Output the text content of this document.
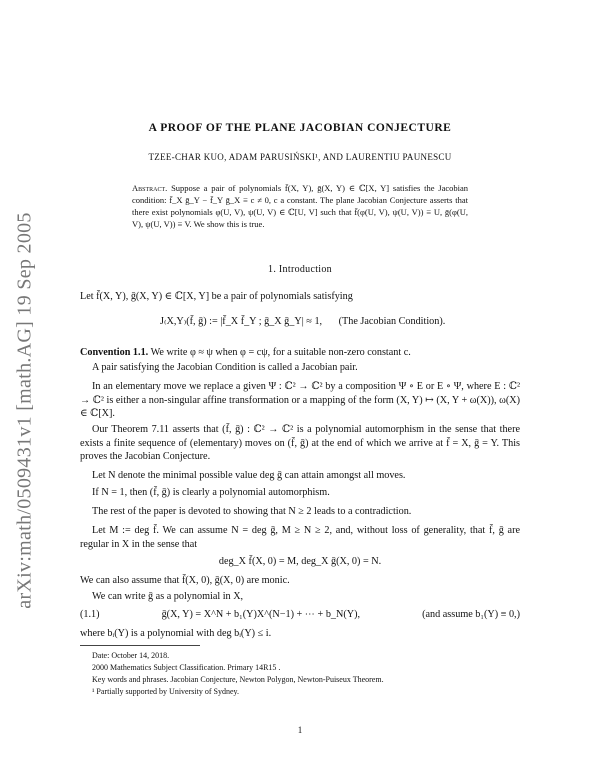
arXiv:math/0509431v1 [math.AG] 19 Sep 2005
A PROOF OF THE PLANE JACOBIAN CONJECTURE
TZEE-CHAR KUO, ADAM PARUSIŃSKI¹, AND LAURENTIU PAUNESCU
Abstract. Suppose a pair of polynomials f̄(X, Y), ḡ(X, Y) ∈ ℂ[X, Y] satisfies the Jacobian condition: f̄_X ḡ_Y − f̄_Y ḡ_X ≡ c ≠ 0, c a constant. The plane Jacobian Conjecture asserts that there exist polynomials φ(U, V), ψ(U, V) ∈ ℂ[U, V] such that f̄(φ(U, V), ψ(U, V)) ≡ U, ḡ(φ(U, V), ψ(U, V)) ≡ V. We show this is true.
1. Introduction
Let f̄(X, Y), ḡ(X, Y) ∈ ℂ[X, Y] be a pair of polynomials satisfying
J₍X,Y₎(f̄, ḡ) := |f̄_X f̄_Y ; ḡ_X ḡ_Y| ≈ 1, (The Jacobian Condition).
Convention 1.1. We write φ ≈ ψ when φ = cψ, for a suitable non-zero constant c.
A pair satisfying the Jacobian Condition is called a Jacobian pair.
In an elementary move we replace a given Ψ : ℂ² → ℂ² by a composition Ψ ∘ E or E ∘ Ψ, where E : ℂ² → ℂ² is either a non-singular affine transformation or a mapping of the form (X, Y) ↦ (X, Y + ω(X)), ω(X) ∈ ℂ[X].
Our Theorem 7.11 asserts that (f̄, ḡ) : ℂ² → ℂ² is a polynomial automorphism in the sense that there exists a finite sequence of (elementary) moves on (f̄, ḡ) at the end of which we arrive at f̄ = X, ḡ = Y. This proves the Jacobian Conjecture.
Let N denote the minimal possible value deg ḡ can attain amongst all moves.
If N = 1, then (f̄, ḡ) is clearly a polynomial automorphism.
The rest of the paper is devoted to showing that N ≥ 2 leads to a contradiction.
Let M := deg f̄. We can assume N = deg ḡ, M ≥ N ≥ 2, and, without loss of generality, that f̄, ḡ are regular in X in the sense that
deg_X f̄(X, 0) = M, deg_X ḡ(X, 0) = N.
We can also assume that f̄(X, 0), ḡ(X, 0) are monic.
We can write ḡ as a polynomial in X,
(1.1)	ḡ(X, Y) = X^N + b₁(Y)X^(N−1) + ⋯ + b_N(Y),	(and assume b₁(Y) ≡ 0,)
where bᵢ(Y) is a polynomial with deg bᵢ(Y) ≤ i.
Date: October 14, 2018.
2000 Mathematics Subject Classification. Primary 14R15 .
Key words and phrases. Jacobian Conjecture, Newton Polygon, Newton-Puiseux Theorem.
¹ Partially supported by University of Sydney.
1
